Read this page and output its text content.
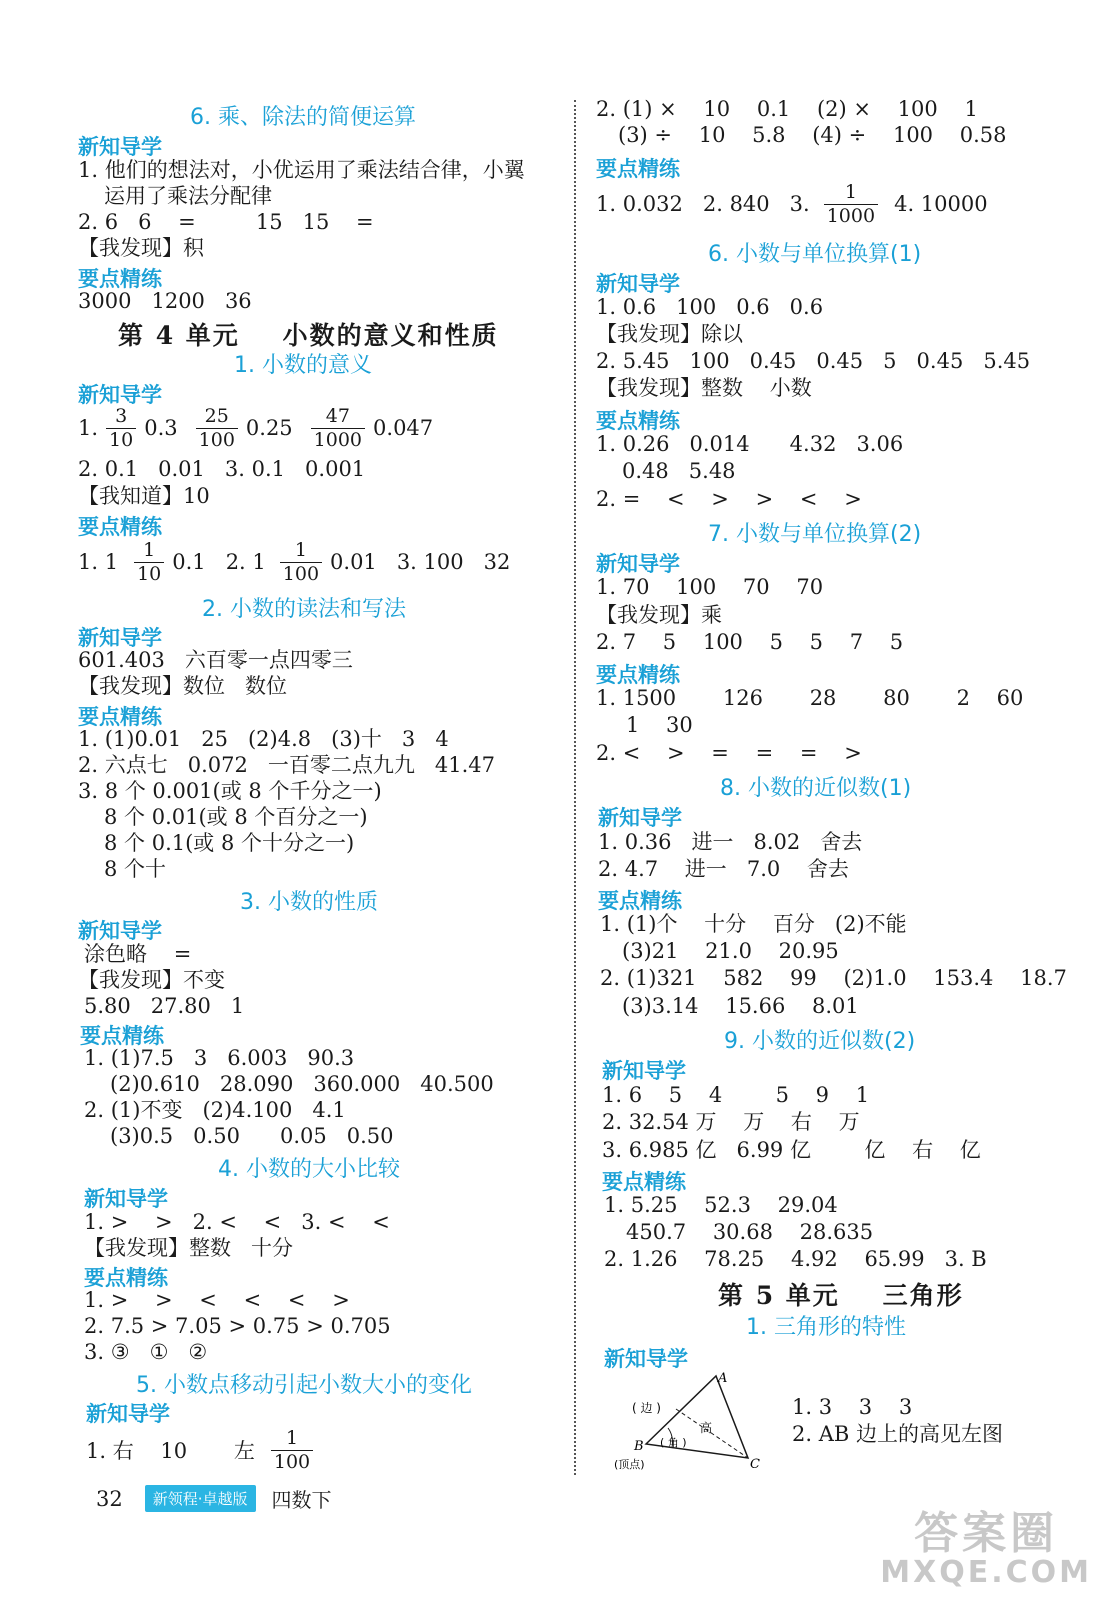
6. 乘、除法的简便运算
新知导学
1. 他们的想法对，小优运用了乘法结合律，小翼
运用了乘法分配律
2. 6   6    =         15   15    =
【我发现】积
要点精练
3000   1200   36
第 4 单元    小数的意义和性质
1. 小数的意义
新知导学
1. $\frac{3}{10} 0.3 \frac{25}{100} 0.25 \frac{47}{1000} 0.047$
2. 0.1   0.01   3. 0.1   0.001
【我知道】10
要点精练
1. $1 \frac{1}{10} 0.1$   2. $1 \frac{1}{100} 0.01$   3. 100   32
2. 小数的读法和写法
新知导学
601.403   六百零一点四零三
【我发现】数位   数位
要点精练
1. (1)0.01   25   (2)4.8   (3)十   3   4
2. 六点七   0.072   一百零二点九九   41.47
3. 8 个 0.001(或 8 个千分之一)
8 个 0.01(或 8 个百分之一)
8 个 0.1(或 8 个十分之一)
8 个十
3. 小数的性质
新知导学
涂色略    =
【我发现】不变
5.80   27.80   1
要点精练
1. (1)7.5   3   6.003   90.3
(2)0.610   28.090   360.000   40.500
2. (1)不变   (2)4.100   4.1
(3)0.5   0.50      0.05   0.50
4. 小数的大小比较
新知导学
1. >    >   2. <    <   3. <    <
【我发现】整数   十分
要点精练
1. >    >    <    <    <    >
2. 7.5 > 7.05 > 0.75 > 0.705
3. ③   ①   ②
5. 小数点移动引起小数大小的变化
新知导学
1. 右    10       左 $\frac{1}{100}$
2. (1) ×    10    0.1    (2) ×    100    1
(3) ÷    10    5.8    (4) ÷    100    0.58
要点精练
1. 0.032   2. 840   3. $\frac{1}{1000} 4$. 10000
6. 小数与单位换算(1)
新知导学
1. 0.6   100   0.6   0.6
【我发现】除以
2. 5.45   100   0.45   0.45   5   0.45   5.45
【我发现】整数    小数
要点精练
1. 0.26   0.014      4.32   3.06
0.48   5.48
2. =    <    >    >    <    >
7. 小数与单位换算(2)
新知导学
1. 70    100    70    70
【我发现】乘
2. 7    5    100    5    5    7    5
要点精练
1. 1500       126       28       80       2    60
1    30
2. <    >    =    =    =    >
8. 小数的近似数(1)
新知导学
1. 0.36   进一   8.02   舍去
2. 4.7    进一   7.0    舍去
要点精练
1. (1)个    十分    百分   (2)不能
(3)21    21.0    20.95
2. (1)321    582    99    (2)1.0    153.4    18.7
(3)3.14    15.66    8.01
9. 小数的近似数(2)
新知导学
1. 6    5    4        5    9    1
2. 32.54 万    万    右    万
3. 6.985 亿   6.99 亿        亿    右    亿
要点精练
1. 5.25    52.3    29.04
450.7    30.68    28.635
2. 1.26    78.25    4.92    65.99   3. B
第 5 单元    三角形
1. 三角形的特性
新知导学
A
B
C
( 边 )
高
( 角 )
(顶点)
1. 3    3    3
2. AB 边上的高见左图
32	新领程·卓越版	四数下
答案圈
MXQE.COM
